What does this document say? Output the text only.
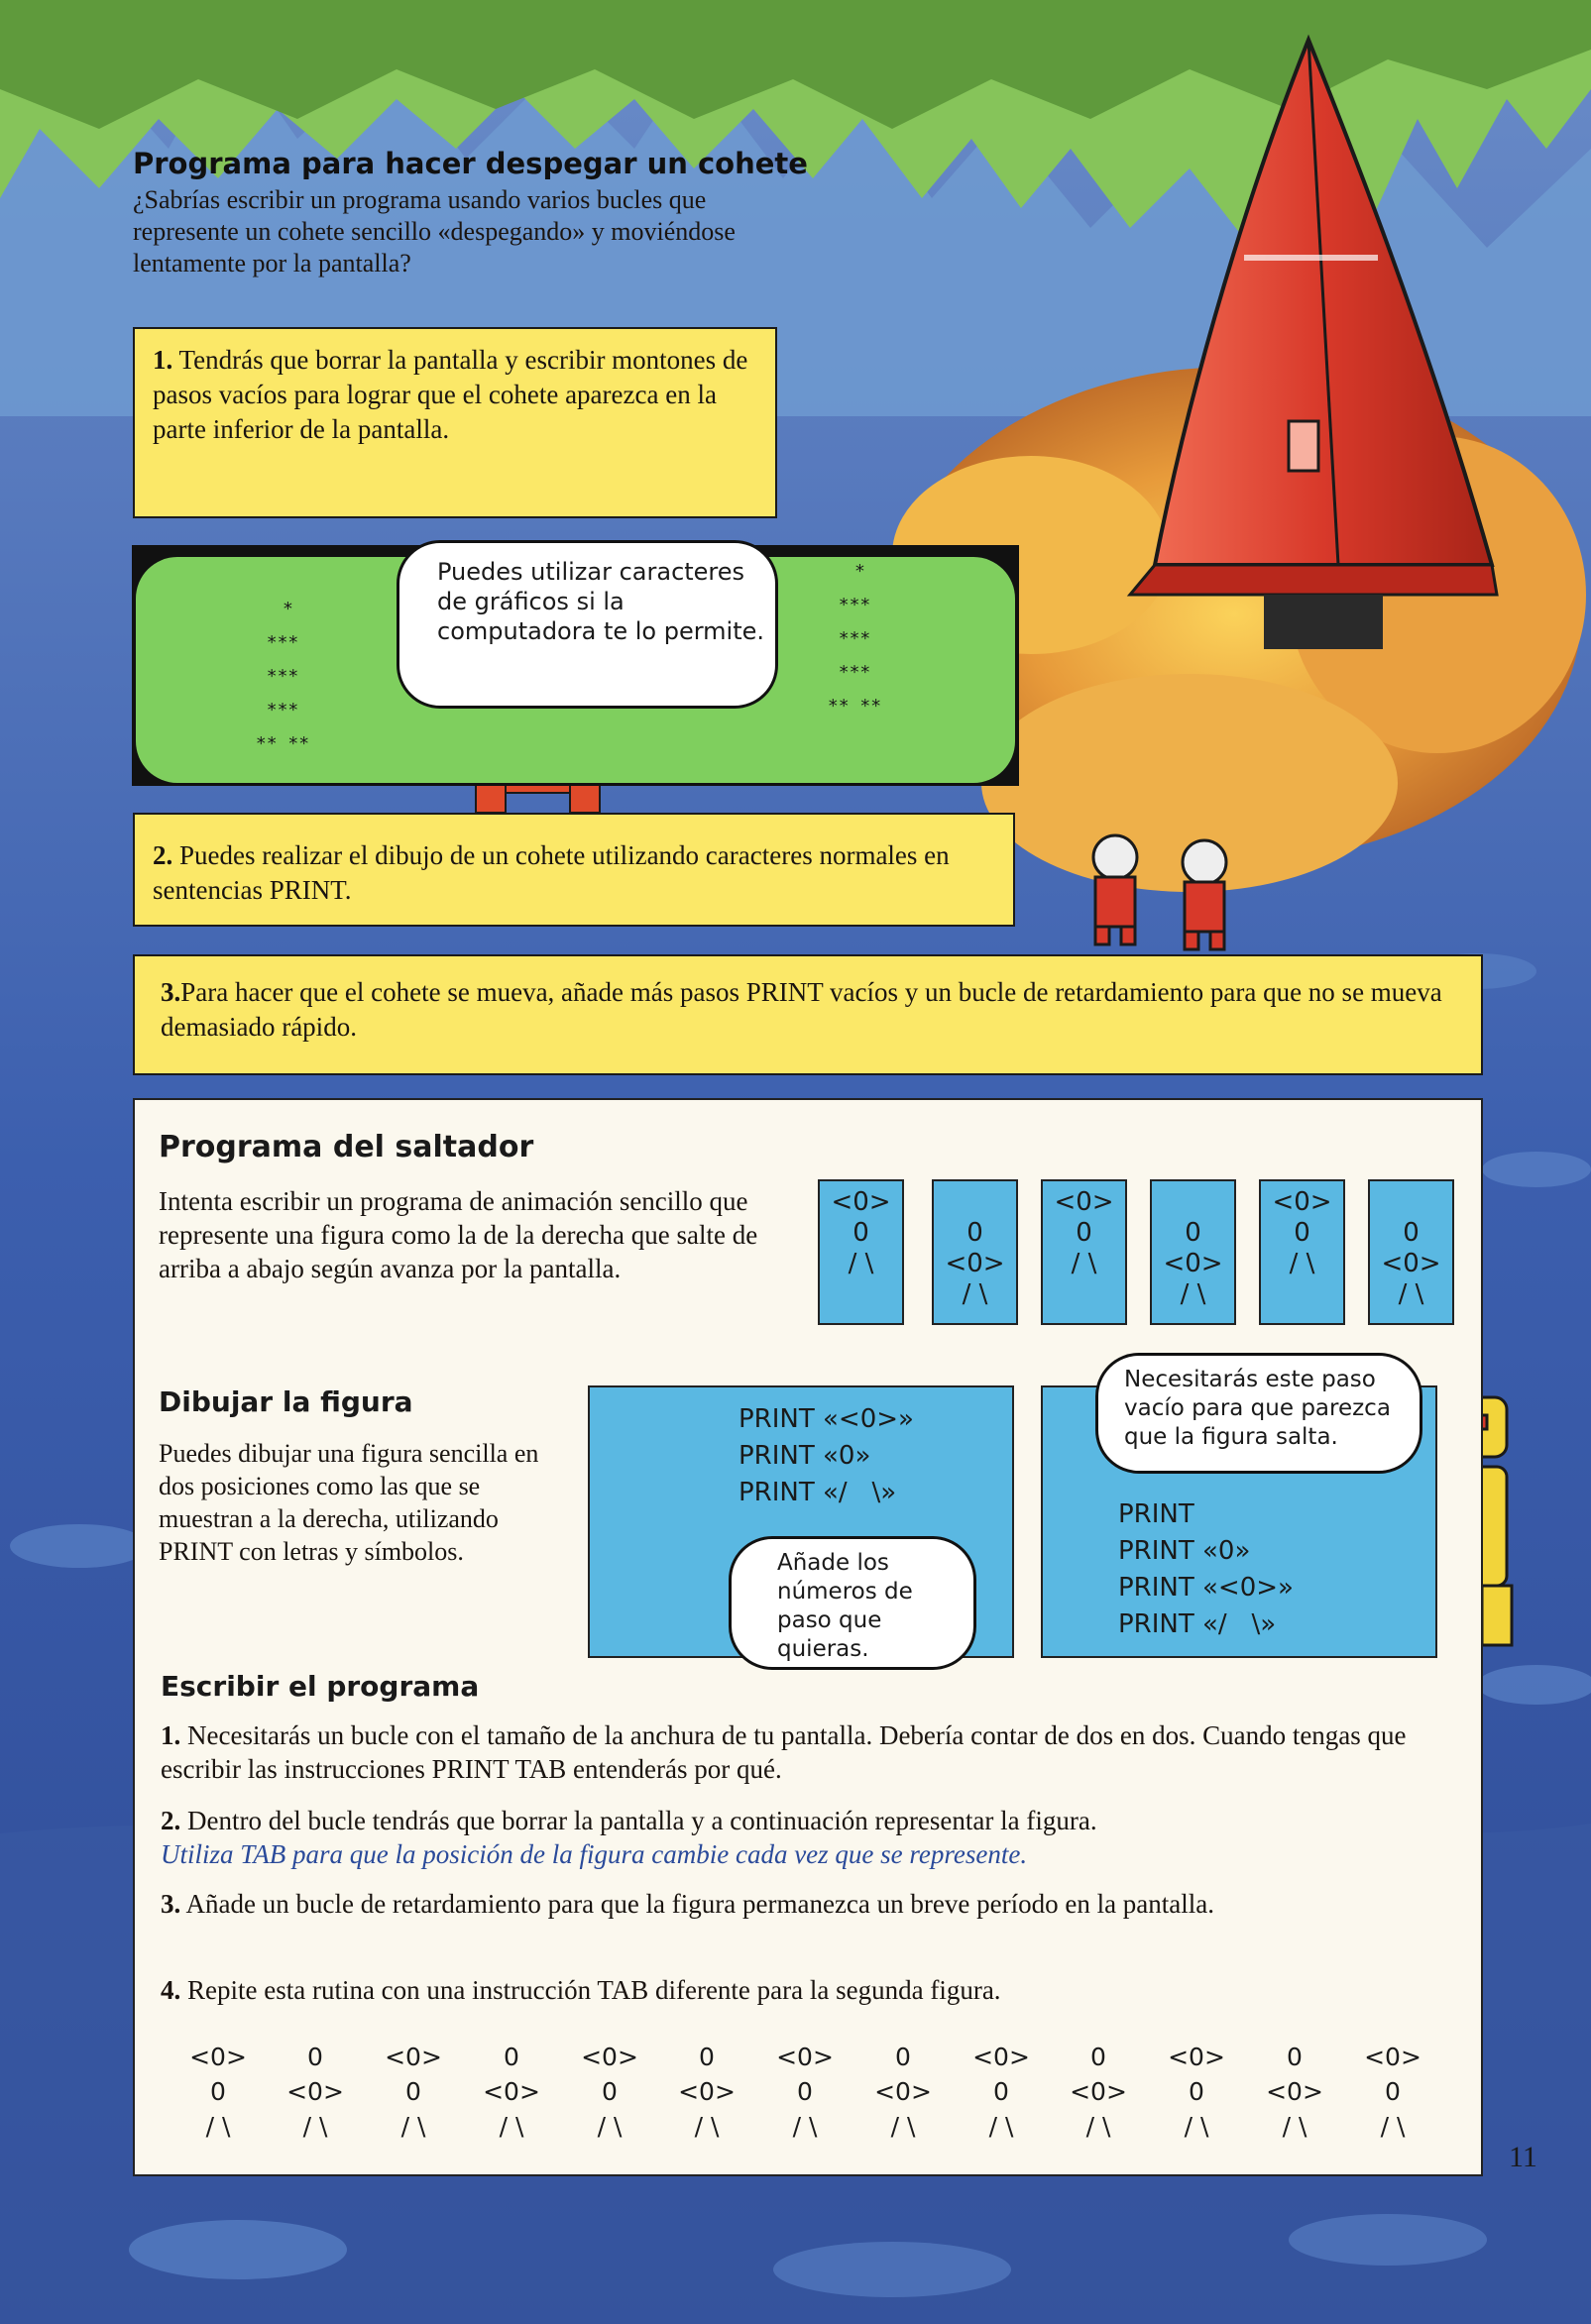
Programa para hacer despegar un cohete
¿Sabrías escribir un programa usando varios bucles que represente un cohete sencillo «despegando» y moviéndose lentamente por la pantalla?
1. Tendrás que borrar la pantalla y escribir montones de pasos vacíos para lograr que el cohete aparezca en la parte inferior de la pantalla.
*
***
***
***
** **
*
***
***
***
** **
Puedes utilizar caracteres de gráficos si la computadora te lo permite.
2. Puedes realizar el dibujo de un cohete utilizando caracteres normales en sentencias PRINT.
3.Para hacer que el cohete se mueva, añade más pasos PRINT vacíos y un bucle de retardamiento para que no se mueva demasiado rápido.
Programa del saltador
Intenta escribir un programa de animación sencillo que represente una figura como la de la derecha que salte de arriba a abajo según avanza por la pantalla.
<0>
0
/ \

0
<0>
/ \
<0>
0
/ \

0
<0>
/ \
<0>
0
/ \

0
<0>
/ \
Dibujar la figura
Puedes dibujar una figura sencilla en dos posiciones como las que se muestran a la derecha, utilizando PRINT con letras y símbolos.
PRINT «<0>»
PRINT «0»
PRINT «/   \»
PRINT
PRINT «0»
PRINT «<0>»
PRINT «/   \»
Añade los números de paso que quieras.
Necesitarás este paso vacío para que parezca que la figura salta.
Escribir el programa
1. Necesitarás un bucle con el tamaño de la anchura de tu pantalla. Debería contar de dos en dos. Cuando tengas que escribir las instrucciones PRINT TAB entenderás por qué.
2. Dentro del bucle tendrás que borrar la pantalla y a continuación representar la figura.
Utiliza TAB para que la posición de la figura cambie cada vez que se represente.
3. Añade un bucle de retardamiento para que la figura permanezca un breve período en la pantalla.
4. Repite esta rutina con una instrucción TAB diferente para la segunda figura.
<0>
0
/ \
0
<0>
/ \
<0>
0
/ \
0
<0>
/ \
<0>
0
/ \
0
<0>
/ \
<0>
0
/ \
0
<0>
/ \
<0>
0
/ \
0
<0>
/ \
<0>
0
/ \
0
<0>
/ \
<0>
0
/ \
11
